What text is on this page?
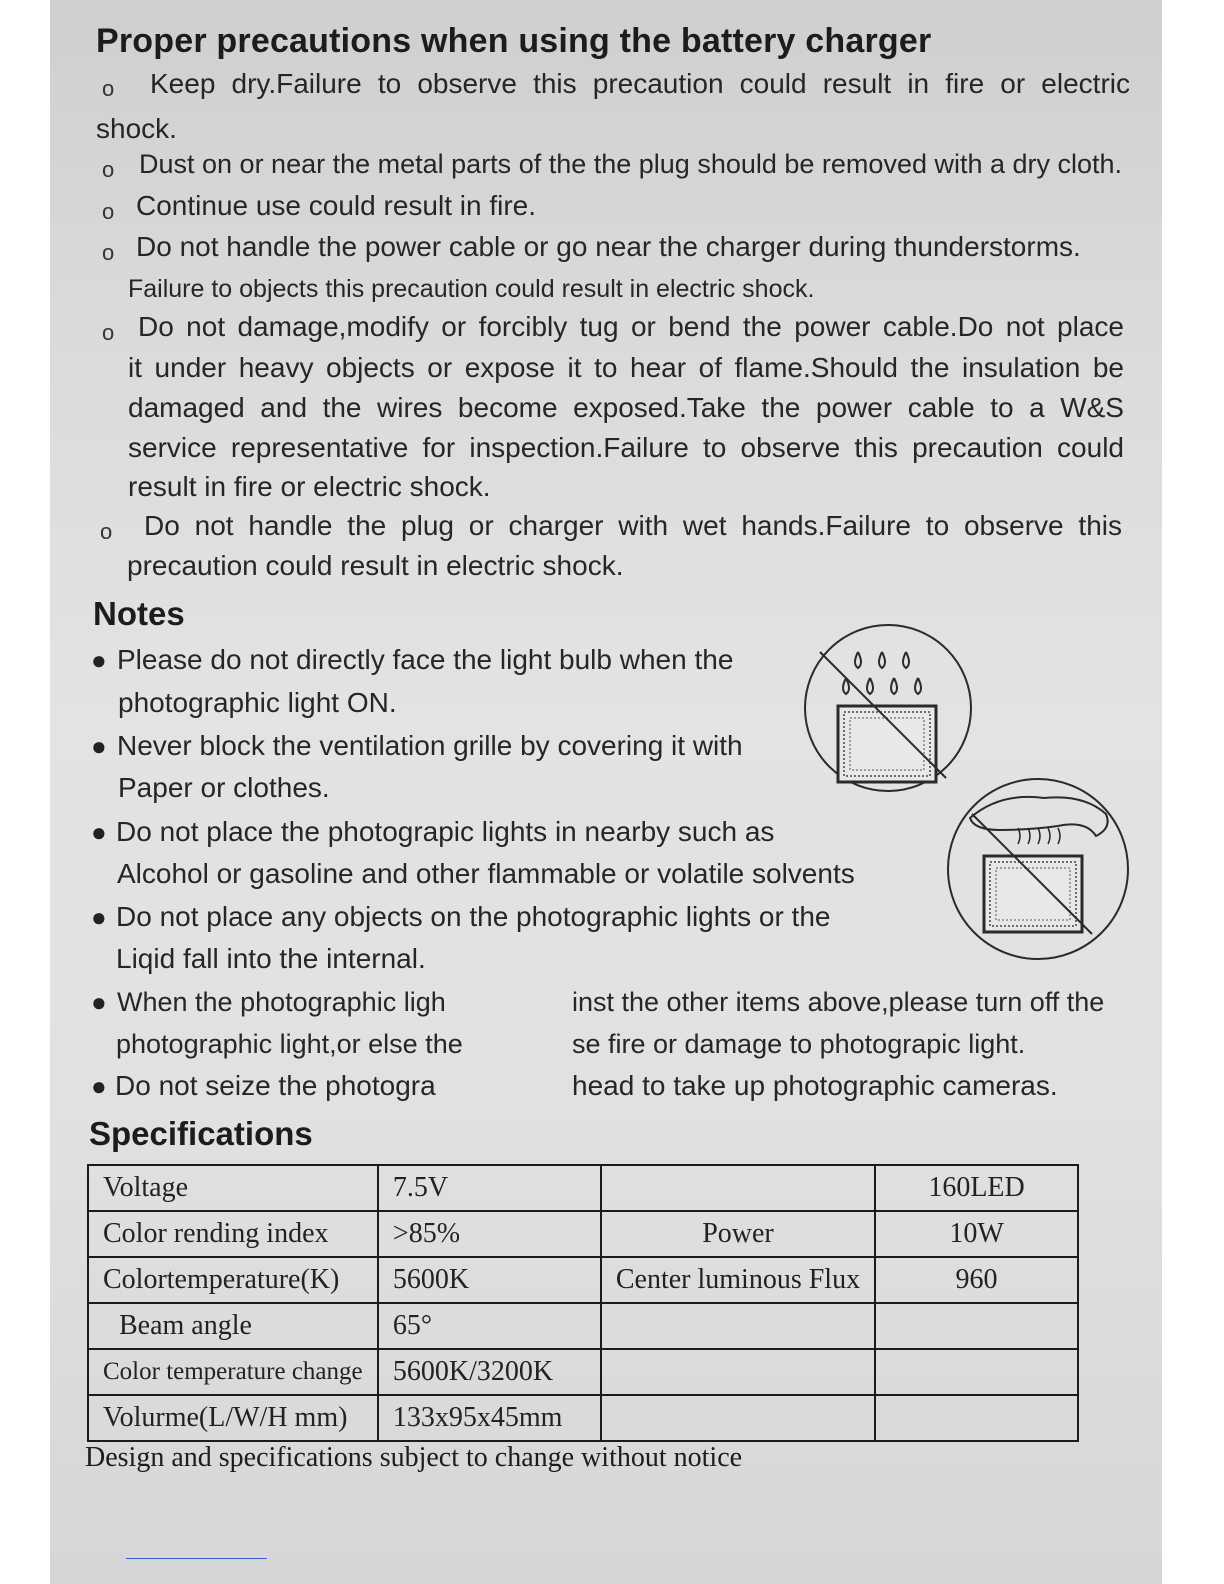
Proper precautions when using the battery charger
o Keep dry.Failure to observe this precaution could result in fire or electric
shock.
o Dust on or near the metal parts of the the plug should be removed with a dry cloth.
o Continue use could result in fire.
o Do not handle the power cable or go near the charger during thunderstorms.
Failure to objects this precaution could result in electric shock.
o Do not damage,modify or forcibly tug or bend the power cable.Do not place
it under heavy objects or expose it to hear of flame.Should the insulation be
damaged and the wires become exposed.Take the power cable to a W&S
service representative for inspection.Failure to observe this precaution could
result in fire or electric shock.
o Do not handle the plug or charger with wet hands.Failure to observe this
precaution could result in electric shock.
Notes
● Please do not directly face the light bulb when the
photographic light ON.
● Never block the ventilation grille by covering it with
Paper or clothes.
● Do not place the photograpic lights in nearby such as
Alcohol or gasoline and other flammable or volatile solvents
● Do not place any objects on the photographic lights or the
Liqid fall into the internal.
● When the photographic ligh	inst the other items above,please turn off the
photographic light,or else the	se fire or damage to photograpic light.
● Do not seize the photogra	head to take up photographic cameras.
Specifications
Voltage	7.5V		160LED
Color rending index	>85%	Power	10W
Colortemperature(K)	5600K	Center luminous Flux	960
Beam angle	65°		
Color temperature change	5600K/3200K		
Volurme(L/W/H mm)	133x95x45mm		
Design and specifications subject to change without notice
